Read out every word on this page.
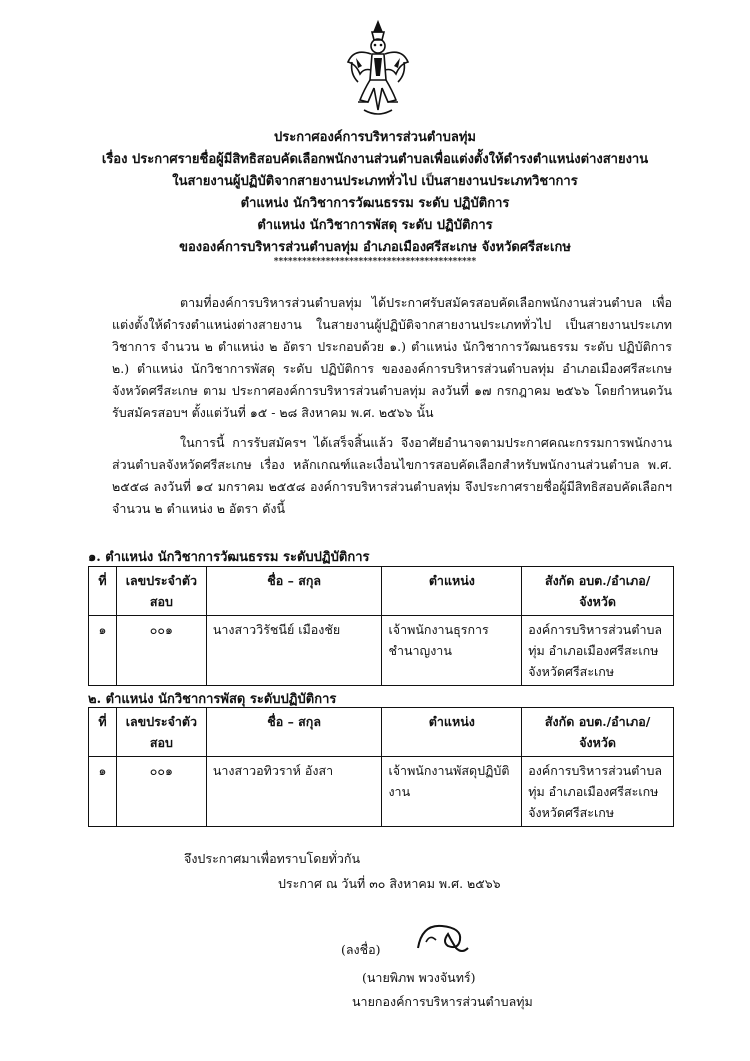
ประกาศองค์การบริหารส่วนตำบลทุ่ม
เรื่อง ประกาศรายชื่อผู้มีสิทธิสอบคัดเลือกพนักงานส่วนตำบลเพื่อแต่งตั้งให้ดำรงตำแหน่งต่างสายงาน
ในสายงานผู้ปฏิบัติจากสายงานประเภททั่วไป เป็นสายงานประเภทวิชาการ
ตำแหน่ง นักวิชาการวัฒนธรรม ระดับ ปฏิบัติการ
ตำแหน่ง นักวิชาการพัสดุ ระดับ ปฏิบัติการ
ขององค์การบริหารส่วนตำบลทุ่ม อำเภอเมืองศรีสะเกษ จังหวัดศรีสะเกษ
*******************************************
ตามที่องค์การบริหารส่วนตำบลทุ่ม ได้ประกาศรับสมัครสอบคัดเลือกพนักงานส่วนตำบล เพื่อแต่งตั้งให้ดำรงตำแหน่งต่างสายงาน ในสายงานผู้ปฏิบัติจากสายงานประเภททั่วไป เป็นสายงานประเภทวิชาการ จำนวน ๒ ตำแหน่ง ๒ อัตรา ประกอบด้วย ๑.) ตำแหน่ง นักวิชาการวัฒนธรรม ระดับ ปฏิบัติการ ๒.) ตำแหน่ง นักวิชาการพัสดุ ระดับ ปฏิบัติการ ขององค์การบริหารส่วนตำบลทุ่ม อำเภอเมืองศรีสะเกษ จังหวัดศรีสะเกษ ตาม ประกาศองค์การบริหารส่วนตำบลทุ่ม ลงวันที่ ๑๗ กรกฎาคม ๒๕๖๖ โดยกำหนดวันรับสมัครสอบฯ ตั้งแต่วันที่ ๑๕ - ๒๘ สิงหาคม พ.ศ. ๒๕๖๖ นั้น
ในการนี้ การรับสมัครฯ ได้เสร็จสิ้นแล้ว จึงอาศัยอำนาจตามประกาศคณะกรรมการพนักงาน ส่วนตำบลจังหวัดศรีสะเกษ เรื่อง หลักเกณฑ์และเงื่อนไขการสอบคัดเลือกสำหรับพนักงานส่วนตำบล พ.ศ. ๒๕๕๘ ลงวันที่ ๑๔ มกราคม ๒๕๕๘ องค์การบริหารส่วนตำบลทุ่ม จึงประกาศรายชื่อผู้มีสิทธิสอบคัดเลือกฯ จำนวน ๒ ตำแหน่ง ๒ อัตรา ดังนี้
๑. ตำแหน่ง นักวิชาการวัฒนธรรม ระดับปฏิบัติการ
ที่	เลขประจำตัวสอบ	ชื่อ – สกุล	ตำแหน่ง	สังกัด อบต./อำเภอ/จังหวัด
๑	๐๐๑	นางสาววิรัชนีย์ เมืองชัย	เจ้าพนักงานธุรการชำนาญงาน	องค์การบริหารส่วนตำบลทุ่ม อำเภอเมืองศรีสะเกษ จังหวัดศรีสะเกษ
๒. ตำแหน่ง นักวิชาการพัสดุ ระดับปฏิบัติการ
ที่	เลขประจำตัวสอบ	ชื่อ – สกุล	ตำแหน่ง	สังกัด อบต./อำเภอ/จังหวัด
๑	๐๐๑	นางสาวอทิวราห์ อังสา	เจ้าพนักงานพัสดุปฏิบัติงาน	องค์การบริหารส่วนตำบลทุ่ม อำเภอเมืองศรีสะเกษ จังหวัดศรีสะเกษ
จึงประกาศมาเพื่อทราบโดยทั่วกัน
ประกาศ ณ วันที่ ๓๐ สิงหาคม พ.ศ. ๒๕๖๖
(ลงชื่อ)
(นายพิภพ พวงจันทร์)
นายกองค์การบริหารส่วนตำบลทุ่ม
